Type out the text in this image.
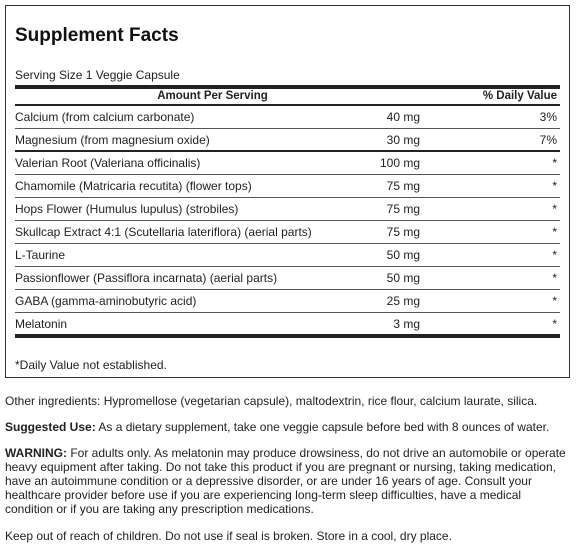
Supplement Facts
Serving Size 1 Veggie Capsule
Amount Per Serving	% Daily Value
Calcium (from calcium carbonate)	40 mg	3%
Magnesium (from magnesium oxide)	30 mg	7%
Valerian Root (Valeriana officinalis)	100 mg	*
Chamomile (Matricaria recutita) (flower tops)	75 mg	*
Hops Flower (Humulus lupulus) (strobiles)	75 mg	*
Skullcap Extract 4:1 (Scutellaria lateriflora) (aerial parts)	75 mg	*
L-Taurine	50 mg	*
Passionflower (Passiflora incarnata) (aerial parts)	50 mg	*
GABA (gamma-aminobutyric acid)	25 mg	*
Melatonin	3 mg	*
*Daily Value not established.
Other ingredients: Hypromellose (vegetarian capsule), maltodextrin, rice flour, calcium laurate, silica.
Suggested Use: As a dietary supplement, take one veggie capsule before bed with 8 ounces of water.
WARNING: For adults only. As melatonin may produce drowsiness, do not drive an automobile or operate heavy equipment after taking. Do not take this product if you are pregnant or nursing, taking medication, have an autoimmune condition or a depressive disorder, or are under 16 years of age. Consult your healthcare provider before use if you are experiencing long-term sleep difficulties, have a medical condition or if you are taking any prescription medications.
Keep out of reach of children. Do not use if seal is broken. Store in a cool, dry place.
